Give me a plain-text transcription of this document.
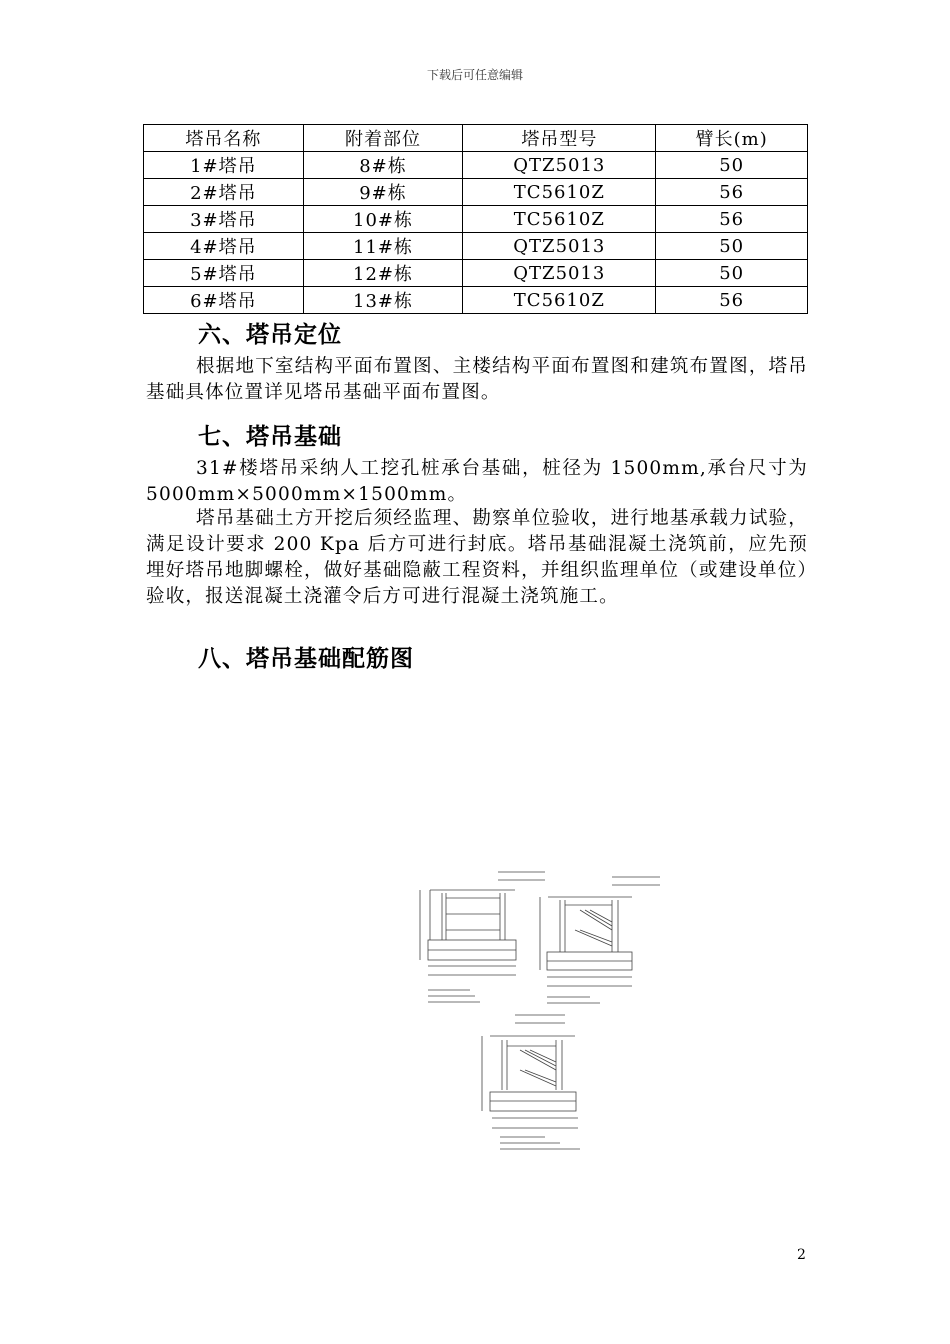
下载后可任意编辑
塔吊名称	附着部位	塔吊型号	臂长(m)
1#塔吊	8#栋	QTZ5013	50
2#塔吊	9#栋	TC5610Z	56
3#塔吊	10#栋	TC5610Z	56
4#塔吊	11#栋	QTZ5013	50
5#塔吊	12#栋	QTZ5013	50
6#塔吊	13#栋	TC5610Z	56
六、塔吊定位

根据地下室结构平面布置图、主楼结构平面布置图和建筑布置图，塔吊基础具体位置详见塔吊基础平面布置图。

七、塔吊基础

31#楼塔吊采纳人工挖孔桩承台基础，桩径为 1500mm,承台尺寸为　5000mm×5000mm×1500mm。

塔吊基础土方开挖后须经监理、勘察单位验收，进行地基承载力试验，满足设计要求 200 Kpa 后方可进行封底。塔吊基础混凝土浇筑前，应先预埋好塔吊地脚螺栓，做好基础隐蔽工程资料，并组织监理单位（或建设单位）验收，报送混凝土浇灌令后方可进行混凝土浇筑施工。

八、塔吊基础配筋图
2
